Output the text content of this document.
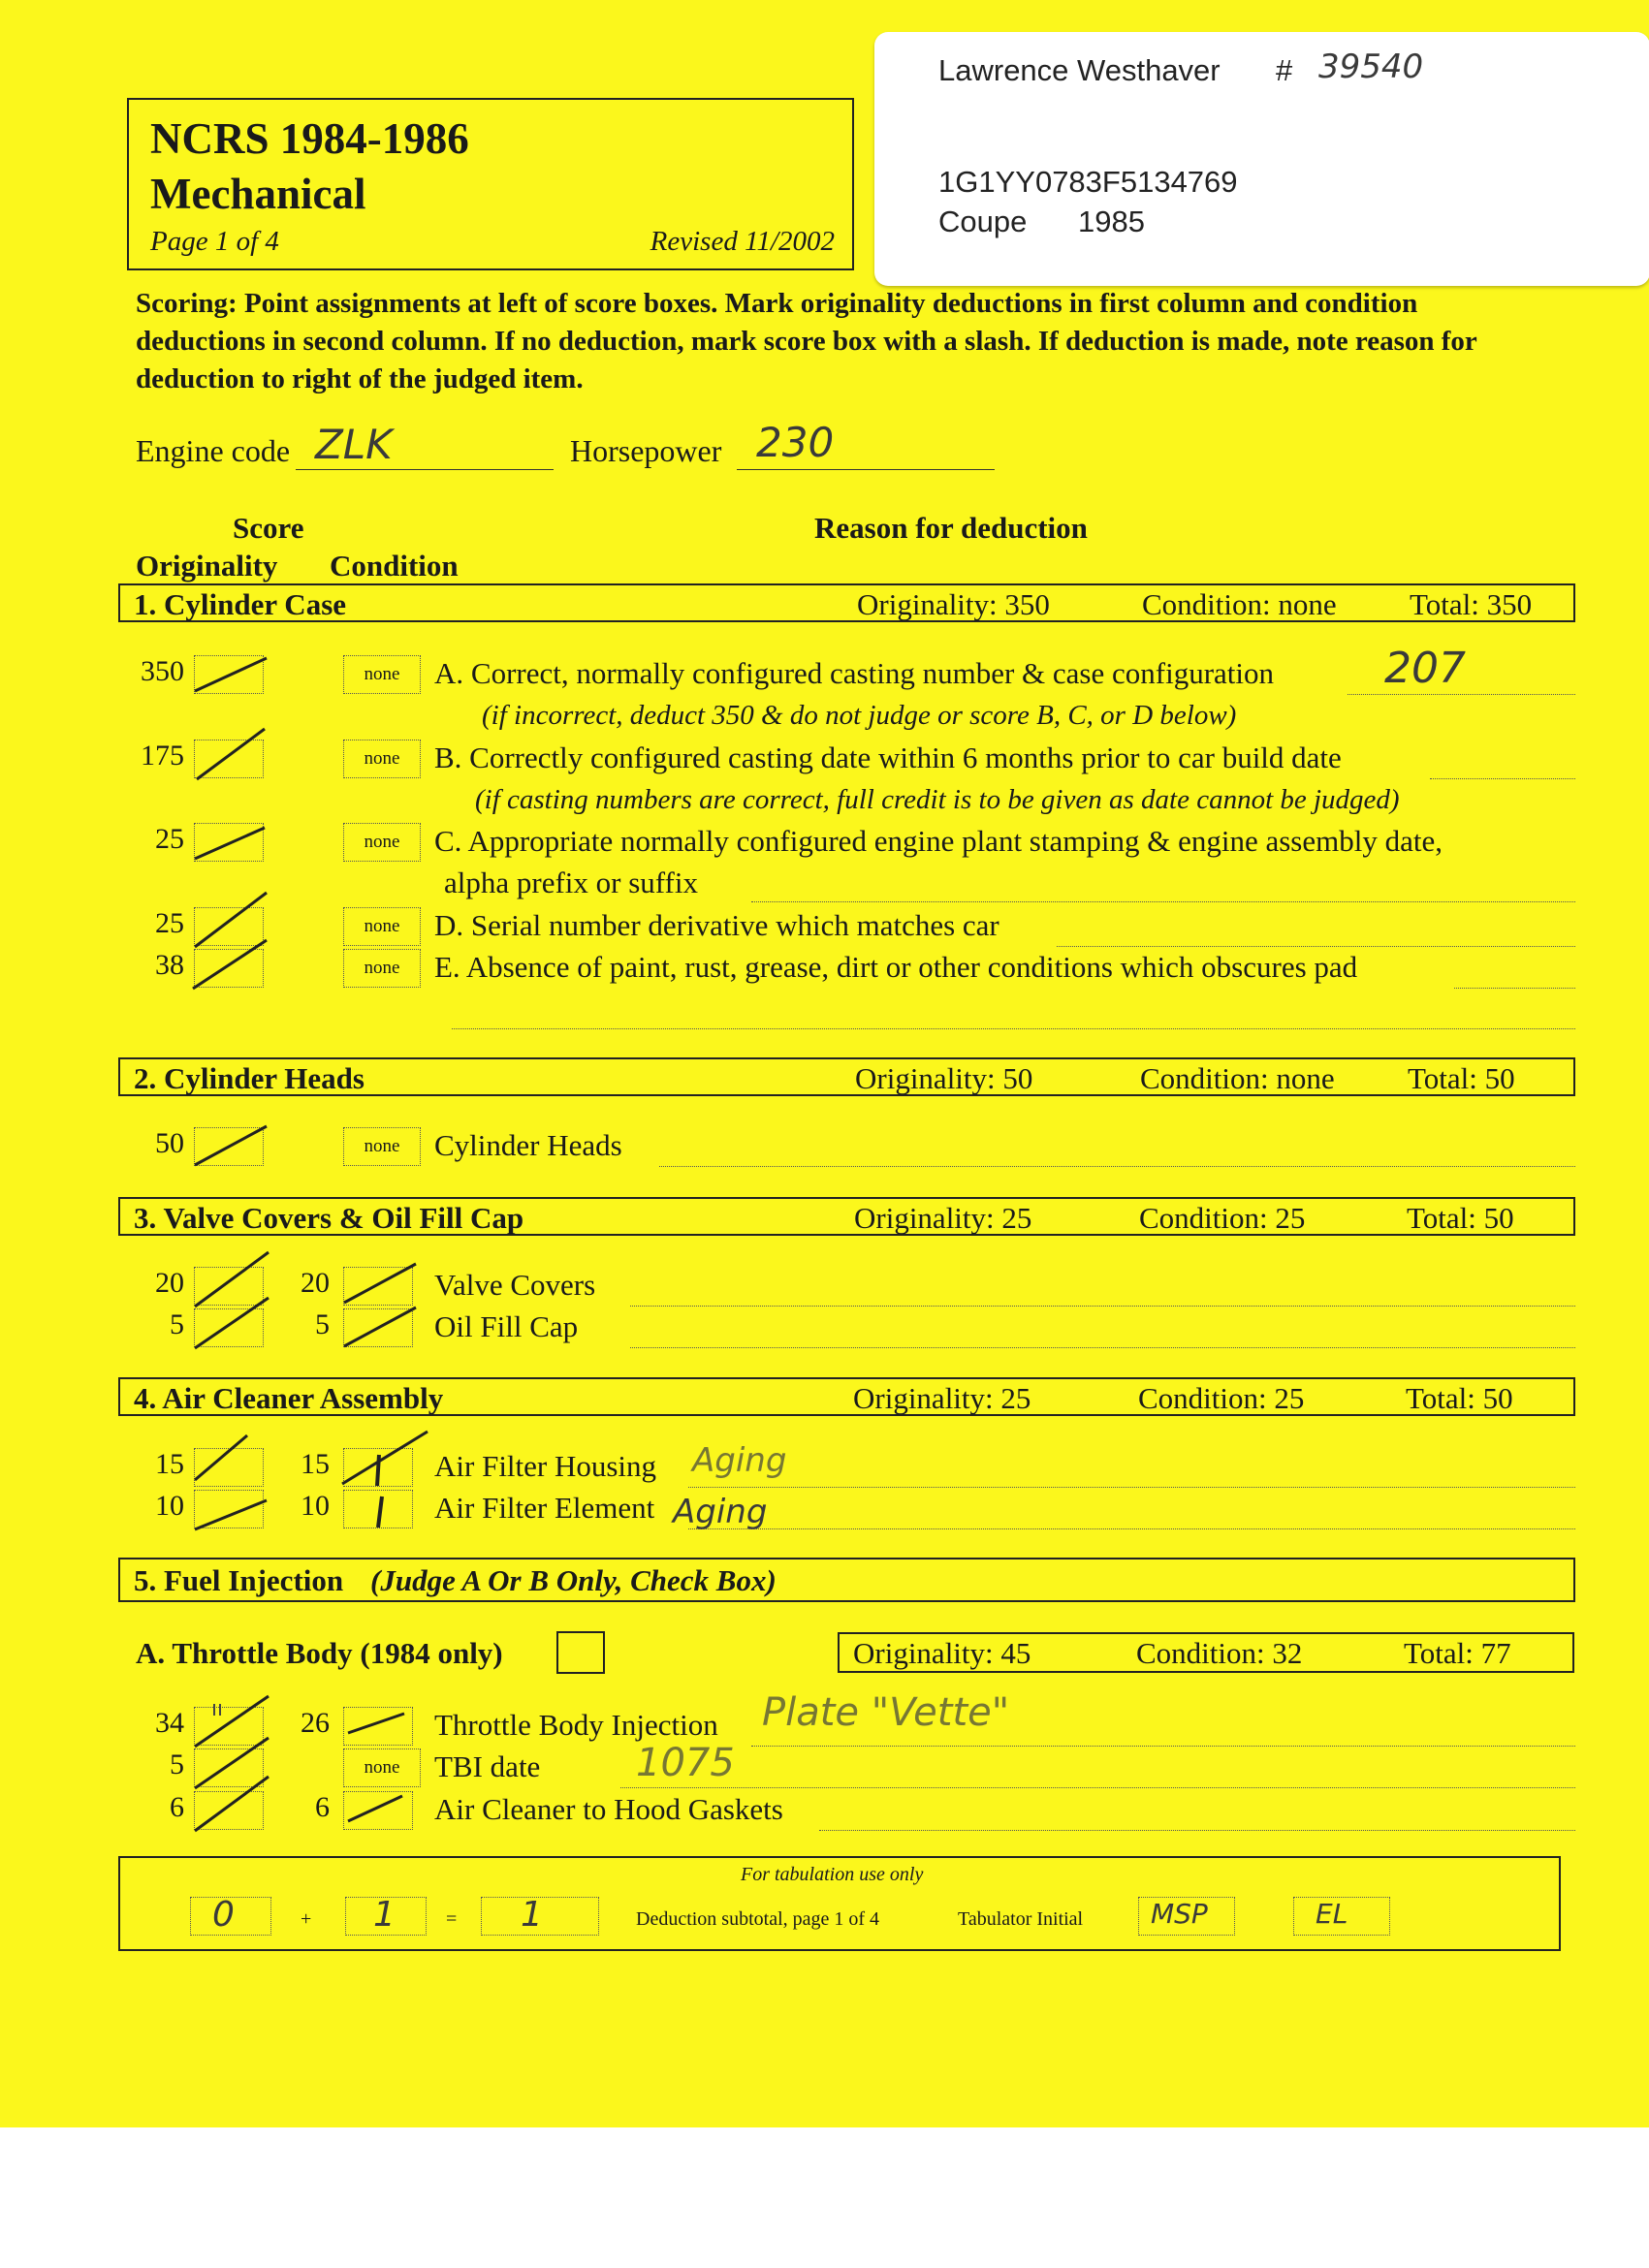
NCRS 1984-1986
Mechanical
Page 1 of 4	Revised 11/2002
Lawrence Westhaver # 39540
1G1YY0783F5134769
Coupe 1985
Scoring: Point assignments at left of score boxes. Mark originality deductions in first column and condition deductions in second column. If no deduction, mark score box with a slash. If deduction is made, note reason for deduction to right of the judged item.
Engine code ZLK	Horsepower 230
Score
Originality Condition
Reason for deduction
1. Cylinder Case	Originality: 350	Condition: none Total: 350
350	none	A. Correct, normally configured casting number & case configuration	207
(if incorrect, deduct 350 & do not judge or score B, C, or D below)
175	none	B. Correctly configured casting date within 6 months prior to car build date
(if casting numbers are correct, full credit is to be given as date cannot be judged)
25	none	C. Appropriate normally configured engine plant stamping & engine assembly date,
alpha prefix or suffix
25	none	D. Serial number derivative which matches car
38	none	E. Absence of paint, rust, grease, dirt or other conditions which obscures pad
2. Cylinder Heads	Originality: 50	Condition: none Total: 50
50	none	Cylinder Heads
3. Valve Covers & Oil Fill Cap	Originality: 25	Condition: 25	Total: 50
20	20	Valve Covers
5	5	Oil Fill Cap
4. Air Cleaner Assembly	Originality: 25	Condition: 25	Total: 50
15	15	Air Filter Housing Aging
10	10	Air Filter Element Aging
5. Fuel Injection (Judge A Or B Only, Check Box)
A. Throttle Body (1984 only)	Originality: 45	Condition: 32	Total: 77
34	26	Throttle Body Injection Plate "Vette"
5	none	TBI date 1075
6	6	Air Cleaner to Hood Gaskets
For tabulation use only
0	+ 1	= 1	Deduction subtotal, page 1 of 4	Tabulator Initial MSP	EL
